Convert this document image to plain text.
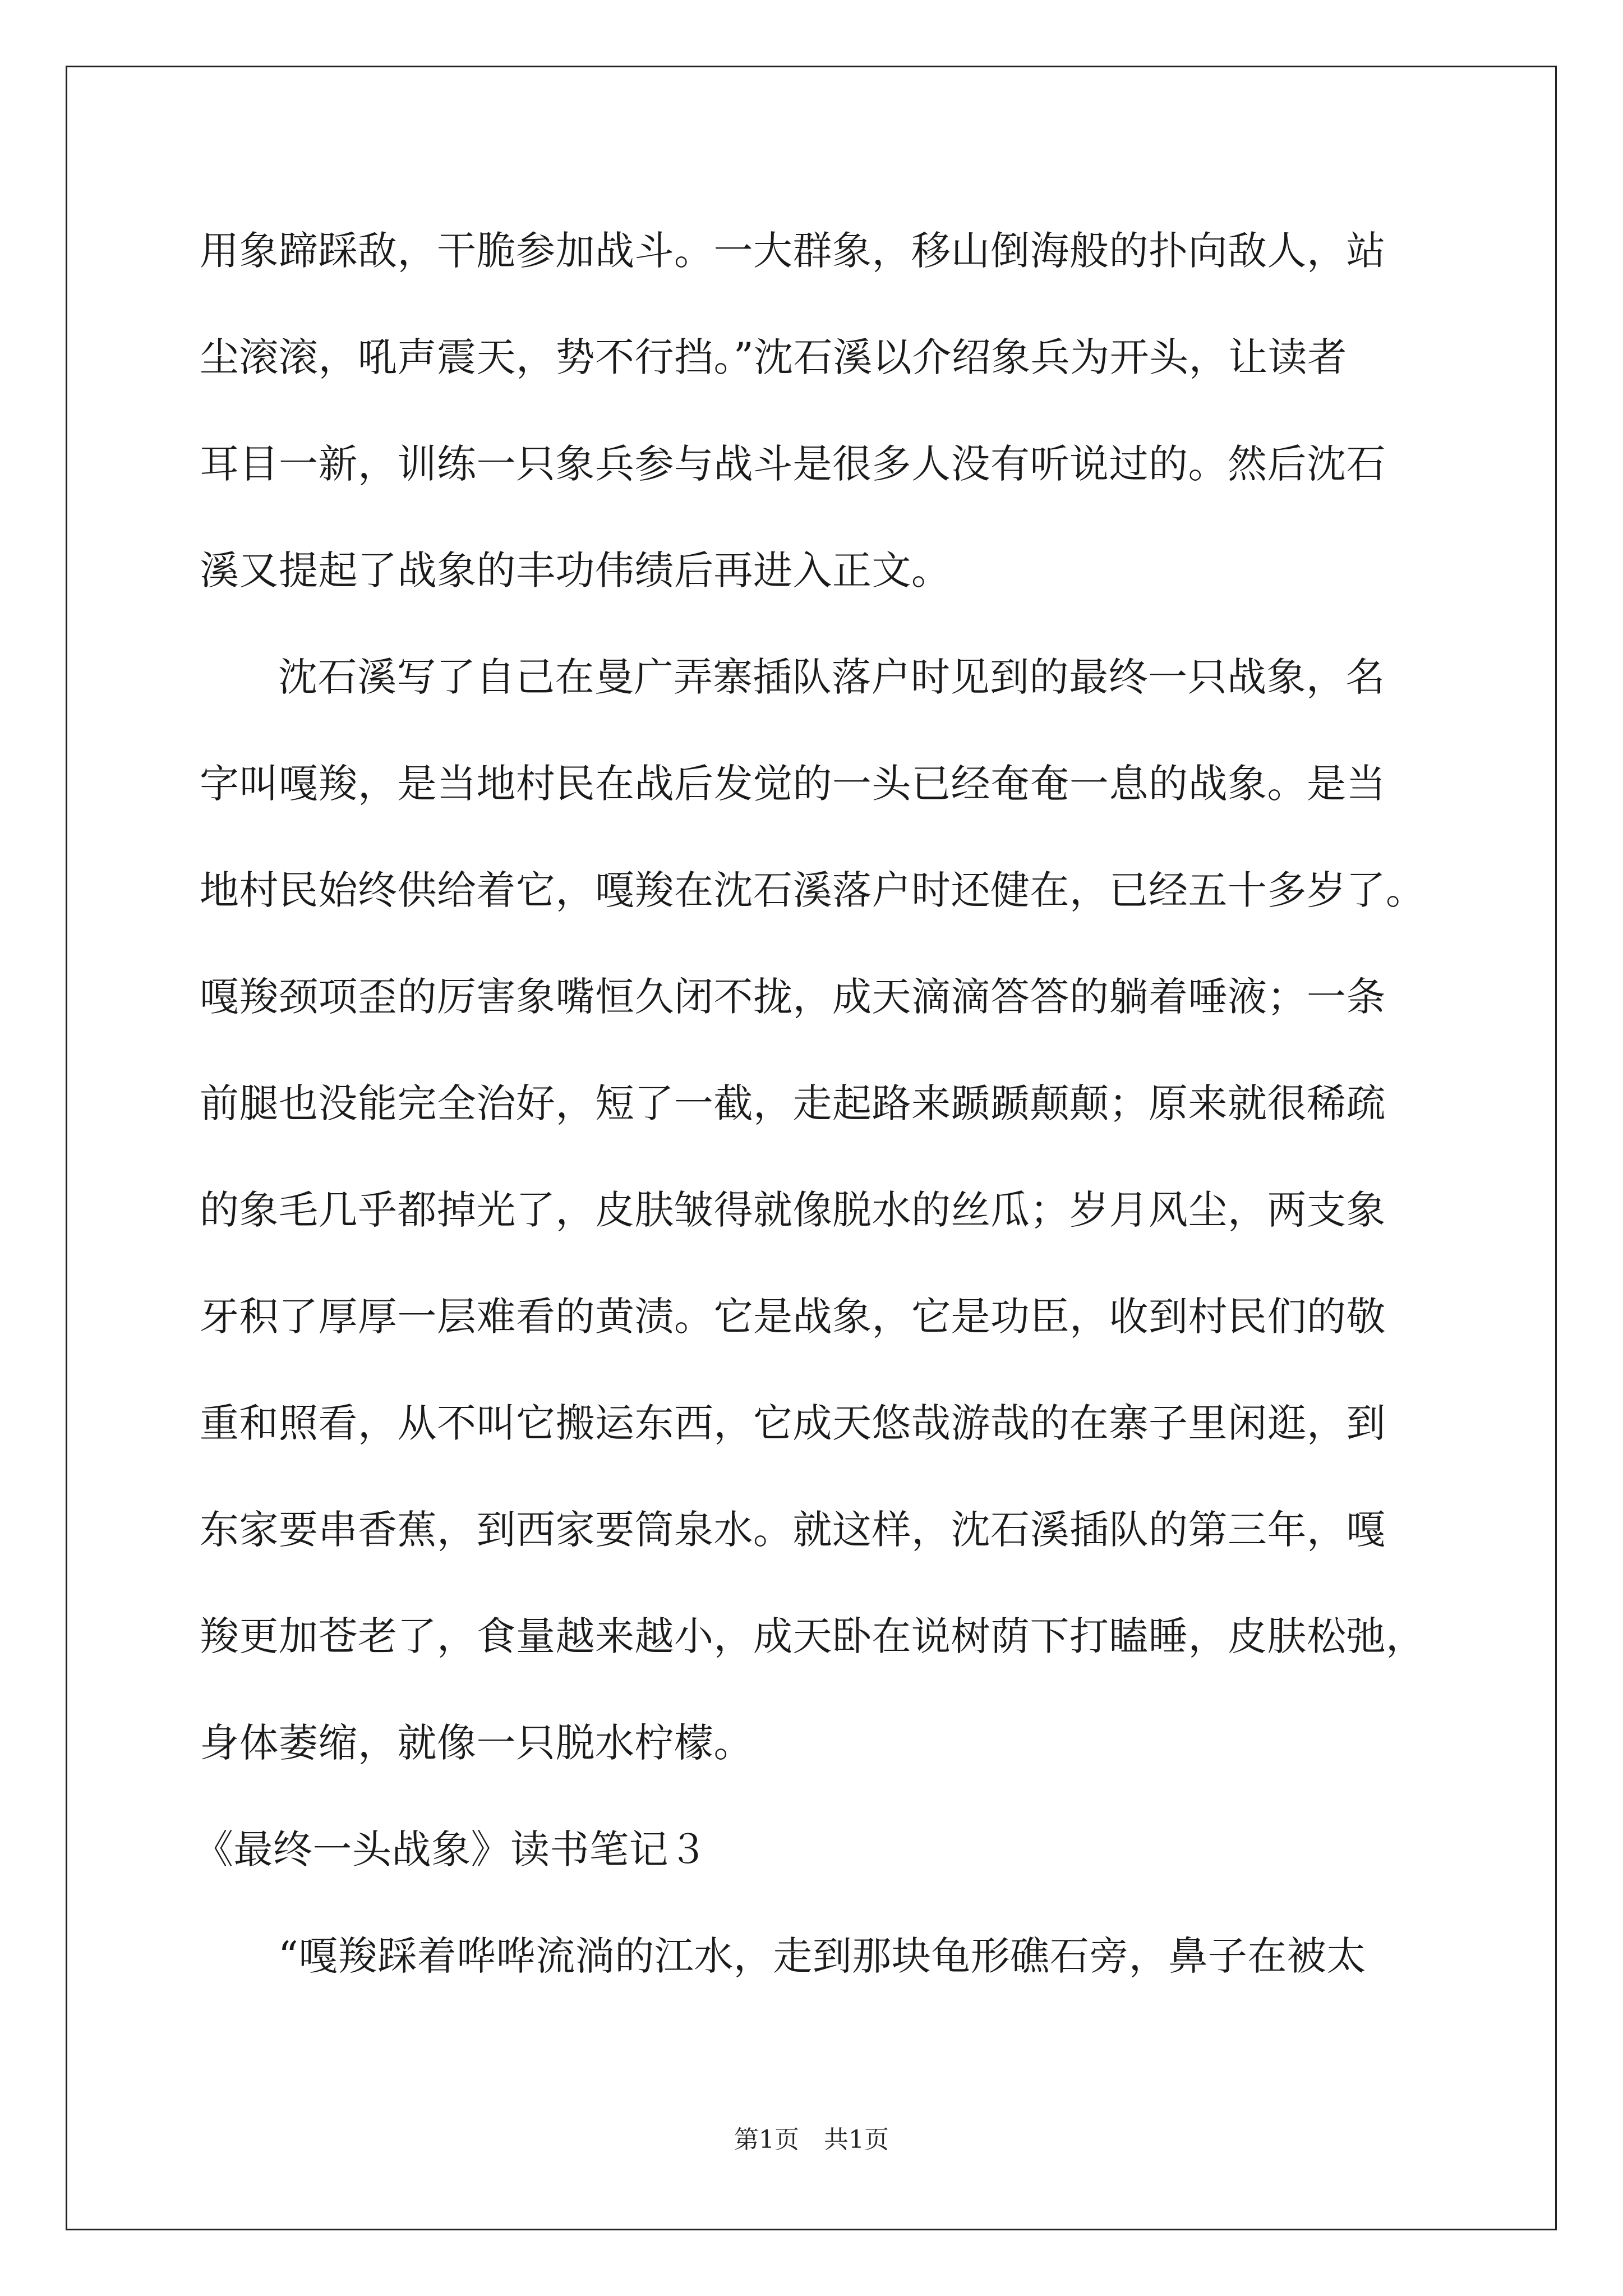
用象蹄踩敌，干脆参加战斗。一大群象，移山倒海般的扑向敌人，站
尘滚滚，吼声震天，势不行挡。”沈石溪以介绍象兵为开头，让读者
耳目一新，训练一只象兵参与战斗是很多人没有听说过的。然后沈石
溪又提起了战象的丰功伟绩后再进入正文。
沈石溪写了自己在曼广弄寨插队落户时见到的最终一只战象，名
字叫嘎羧，是当地村民在战后发觉的一头已经奄奄一息的战象。是当
地村民始终供给着它，嘎羧在沈石溪落户时还健在，已经五十多岁了。
嘎羧颈项歪的厉害象嘴恒久闭不拢，成天滴滴答答的躺着唾液；一条
前腿也没能完全治好，短了一截，走起路来踬踬颠颠；原来就很稀疏
的象毛几乎都掉光了，皮肤皱得就像脱水的丝瓜；岁月风尘，两支象
牙积了厚厚一层难看的黄渍。它是战象，它是功臣，收到村民们的敬
重和照看，从不叫它搬运东西，它成天悠哉游哉的在寨子里闲逛，到
东家要串香蕉，到西家要筒泉水。就这样，沈石溪插队的第三年，嘎
羧更加苍老了，食量越来越小，成天卧在说树荫下打瞌睡，皮肤松弛，
身体萎缩，就像一只脱水柠檬。
《最终一头战象》读书笔记３
“嘎羧踩着哗哗流淌的江水，走到那块龟形礁石旁，鼻子在被太
第1页　共1页
